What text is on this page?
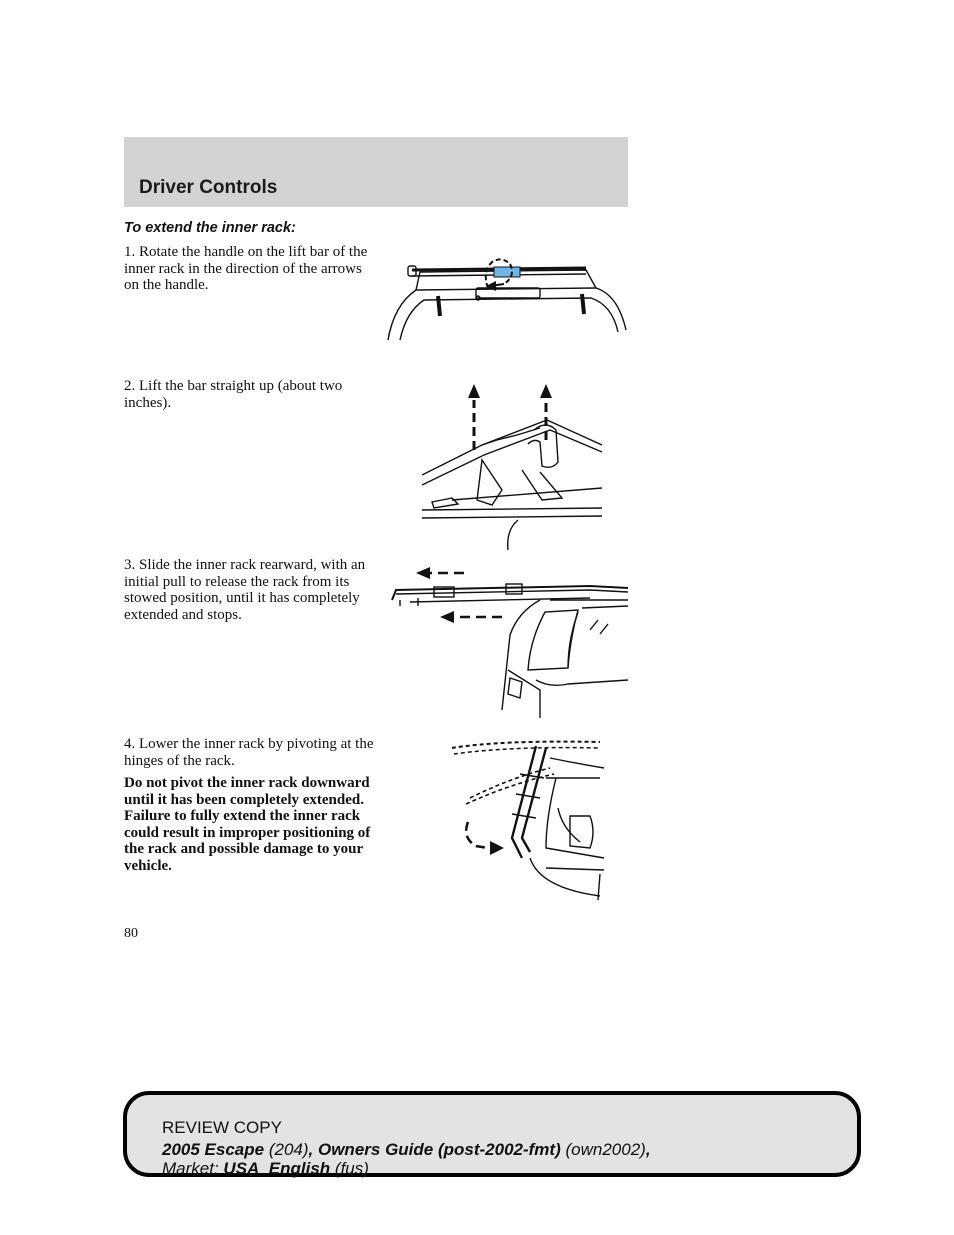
Driver Controls
To extend the inner rack:

1. Rotate the handle on the lift bar of the inner rack in the direction of the arrows on the handle.

2. Lift the bar straight up (about two inches).

3. Slide the inner rack rearward, with an initial pull to release the rack from its stowed position, until it has completely extended and stops.

4. Lower the inner rack by pivoting at the hinges of the rack.

Do not pivot the inner rack downward until it has been completely extended. Failure to fully extend the inner rack could result in improper positioning of the rack and possible damage to your vehicle.

80
REVIEW COPY
2005 Escape (204), Owners Guide (post-2002-fmt) (own2002),
Market: USA_English (fus)
